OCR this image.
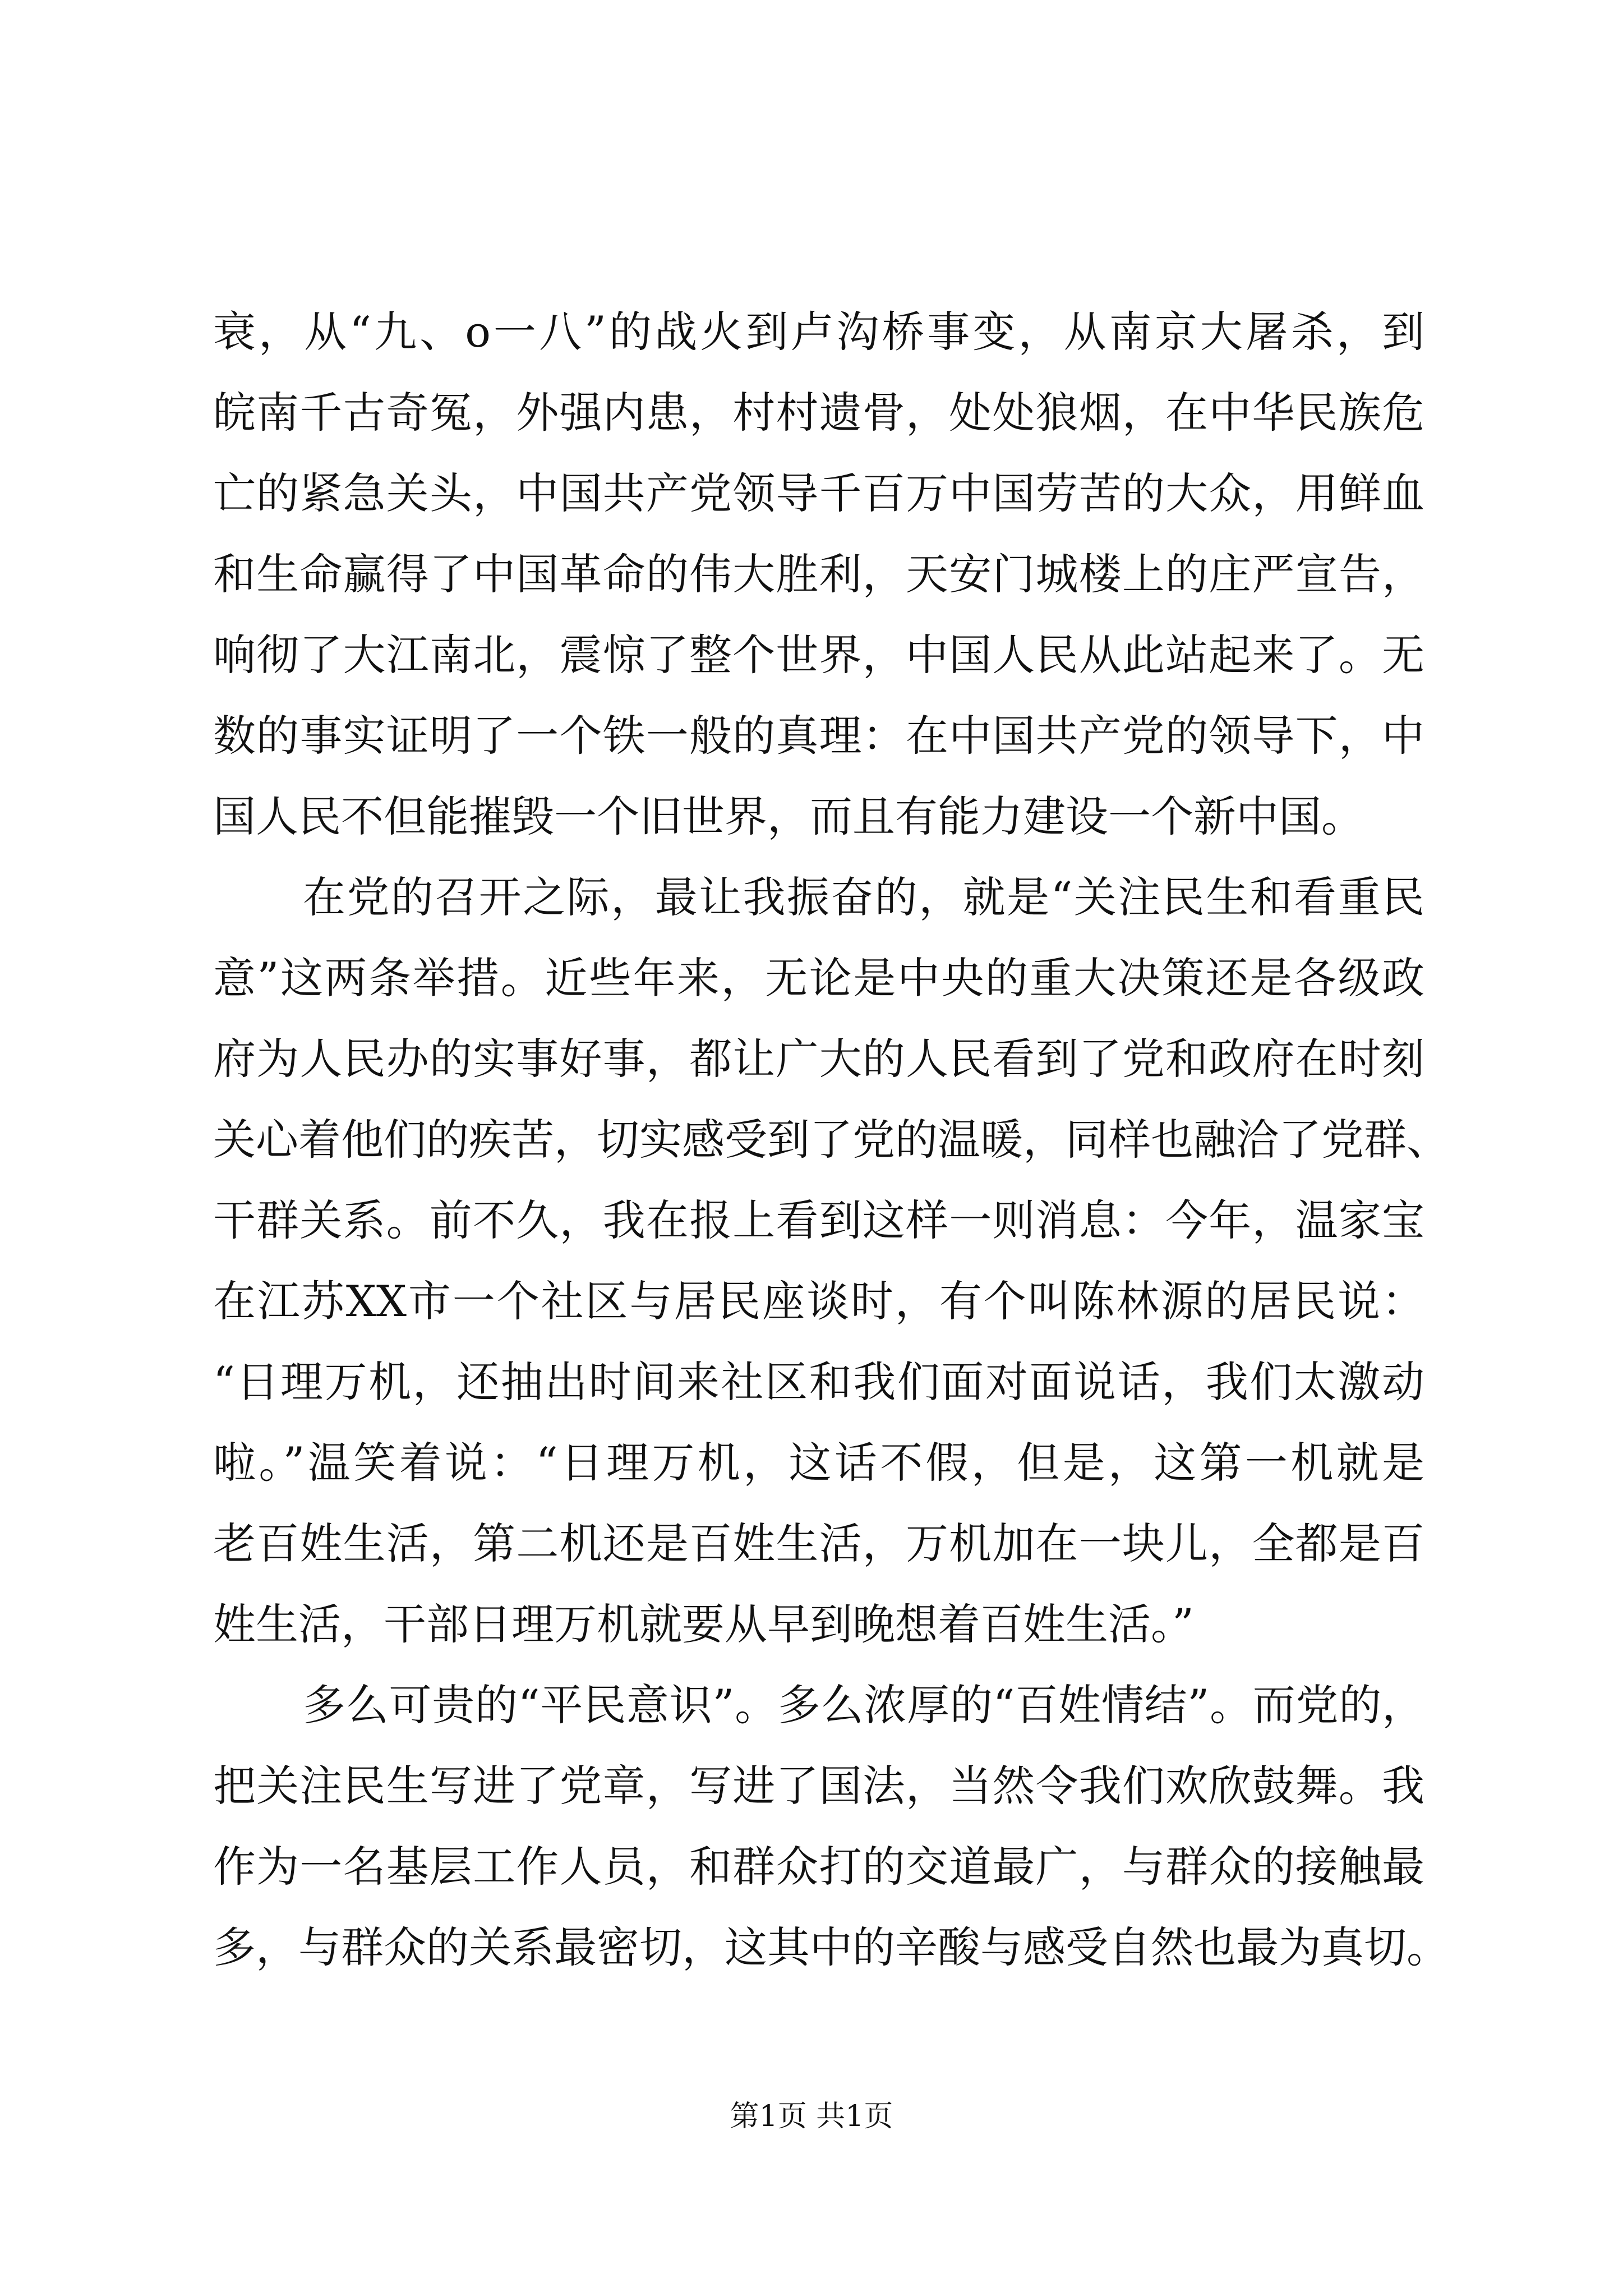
衰，从“九、o一八”的战火到卢沟桥事变，从南京大屠杀，到
皖南千古奇冤，外强内患，村村遗骨，处处狼烟，在中华民族危
亡的紧急关头，中国共产党领导千百万中国劳苦的大众，用鲜血
和生命赢得了中国革命的伟大胜利，天安门城楼上的庄严宣告，
响彻了大江南北，震惊了整个世界，中国人民从此站起来了。无
数的事实证明了一个铁一般的真理：在中国共产党的领导下，中
国人民不但能摧毁一个旧世界，而且有能力建设一个新中国。
在党的召开之际，最让我振奋的，就是“关注民生和看重民
意”这两条举措。近些年来，无论是中央的重大决策还是各级政
府为人民办的实事好事，都让广大的人民看到了党和政府在时刻
关心着他们的疾苦，切实感受到了党的温暖，同样也融洽了党群、
干群关系。前不久，我在报上看到这样一则消息：今年，温家宝
在江苏XX市一个社区与居民座谈时，有个叫陈林源的居民说：
“日理万机，还抽出时间来社区和我们面对面说话，我们太激动
啦。”温笑着说：“日理万机，这话不假，但是，这第一机就是
老百姓生活，第二机还是百姓生活，万机加在一块儿，全都是百
姓生活，干部日理万机就要从早到晚想着百姓生活。”
多么可贵的“平民意识”。多么浓厚的“百姓情结”。而党的，
把关注民生写进了党章，写进了国法，当然令我们欢欣鼓舞。我
作为一名基层工作人员，和群众打的交道最广，与群众的接触最
多，与群众的关系最密切，这其中的辛酸与感受自然也最为真切。
第1页 共1页
